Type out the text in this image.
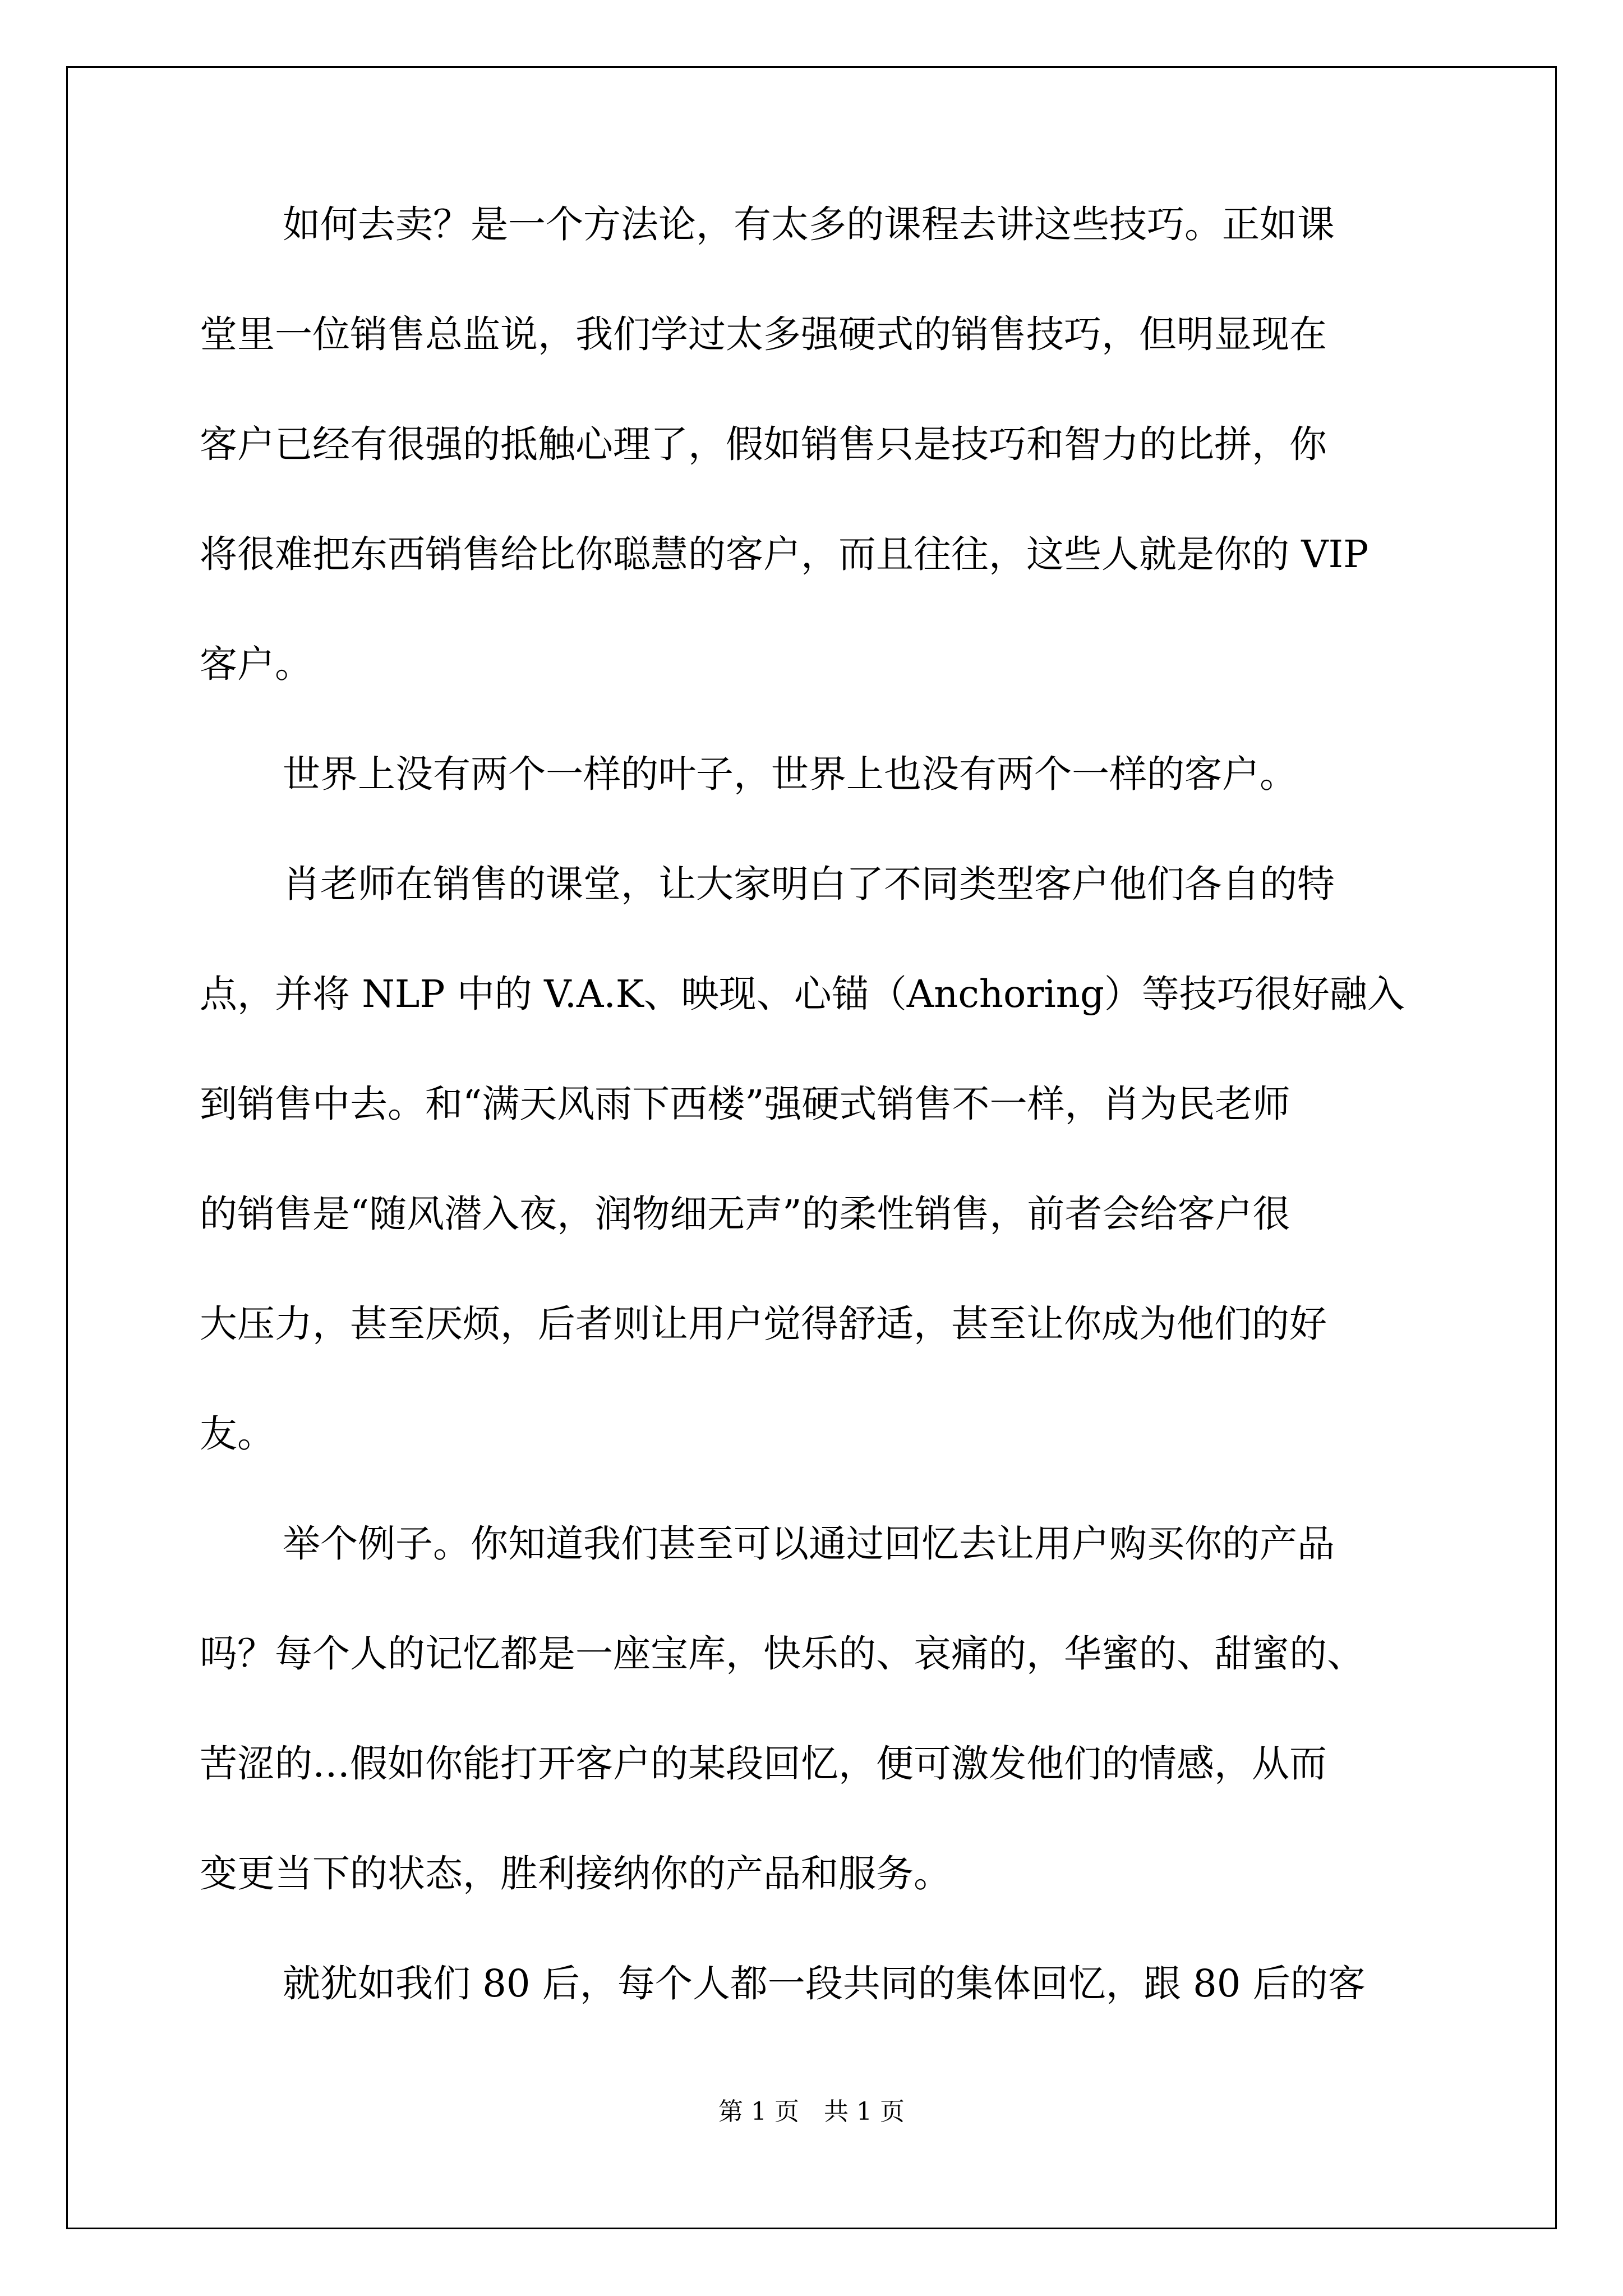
如何去卖？是一个方法论，有太多的课程去讲这些技巧。正如课
堂里一位销售总监说，我们学过太多强硬式的销售技巧，但明显现在
客户已经有很强的抵触心理了，假如销售只是技巧和智力的比拼，你
将很难把东西销售给比你聪慧的客户，而且往往，这些人就是你的 VIP
客户。
世界上没有两个一样的叶子，世界上也没有两个一样的客户。
肖老师在销售的课堂，让大家明白了不同类型客户他们各自的特
点，并将 NLP 中的 V.A.K、映现、心锚（Anchoring）等技巧很好融入
到销售中去。和“满天风雨下西楼”强硬式销售不一样，肖为民老师
的销售是“随风潜入夜，润物细无声”的柔性销售，前者会给客户很
大压力，甚至厌烦，后者则让用户觉得舒适，甚至让你成为他们的好
友。
举个例子。你知道我们甚至可以通过回忆去让用户购买你的产品
吗？每个人的记忆都是一座宝库，快乐的、哀痛的，华蜜的、甜蜜的、
苦涩的…假如你能打开客户的某段回忆，便可激发他们的情感，从而
变更当下的状态，胜利接纳你的产品和服务。
就犹如我们 80 后，每个人都一段共同的集体回忆，跟 80 后的客
第 1 页　共 1 页
